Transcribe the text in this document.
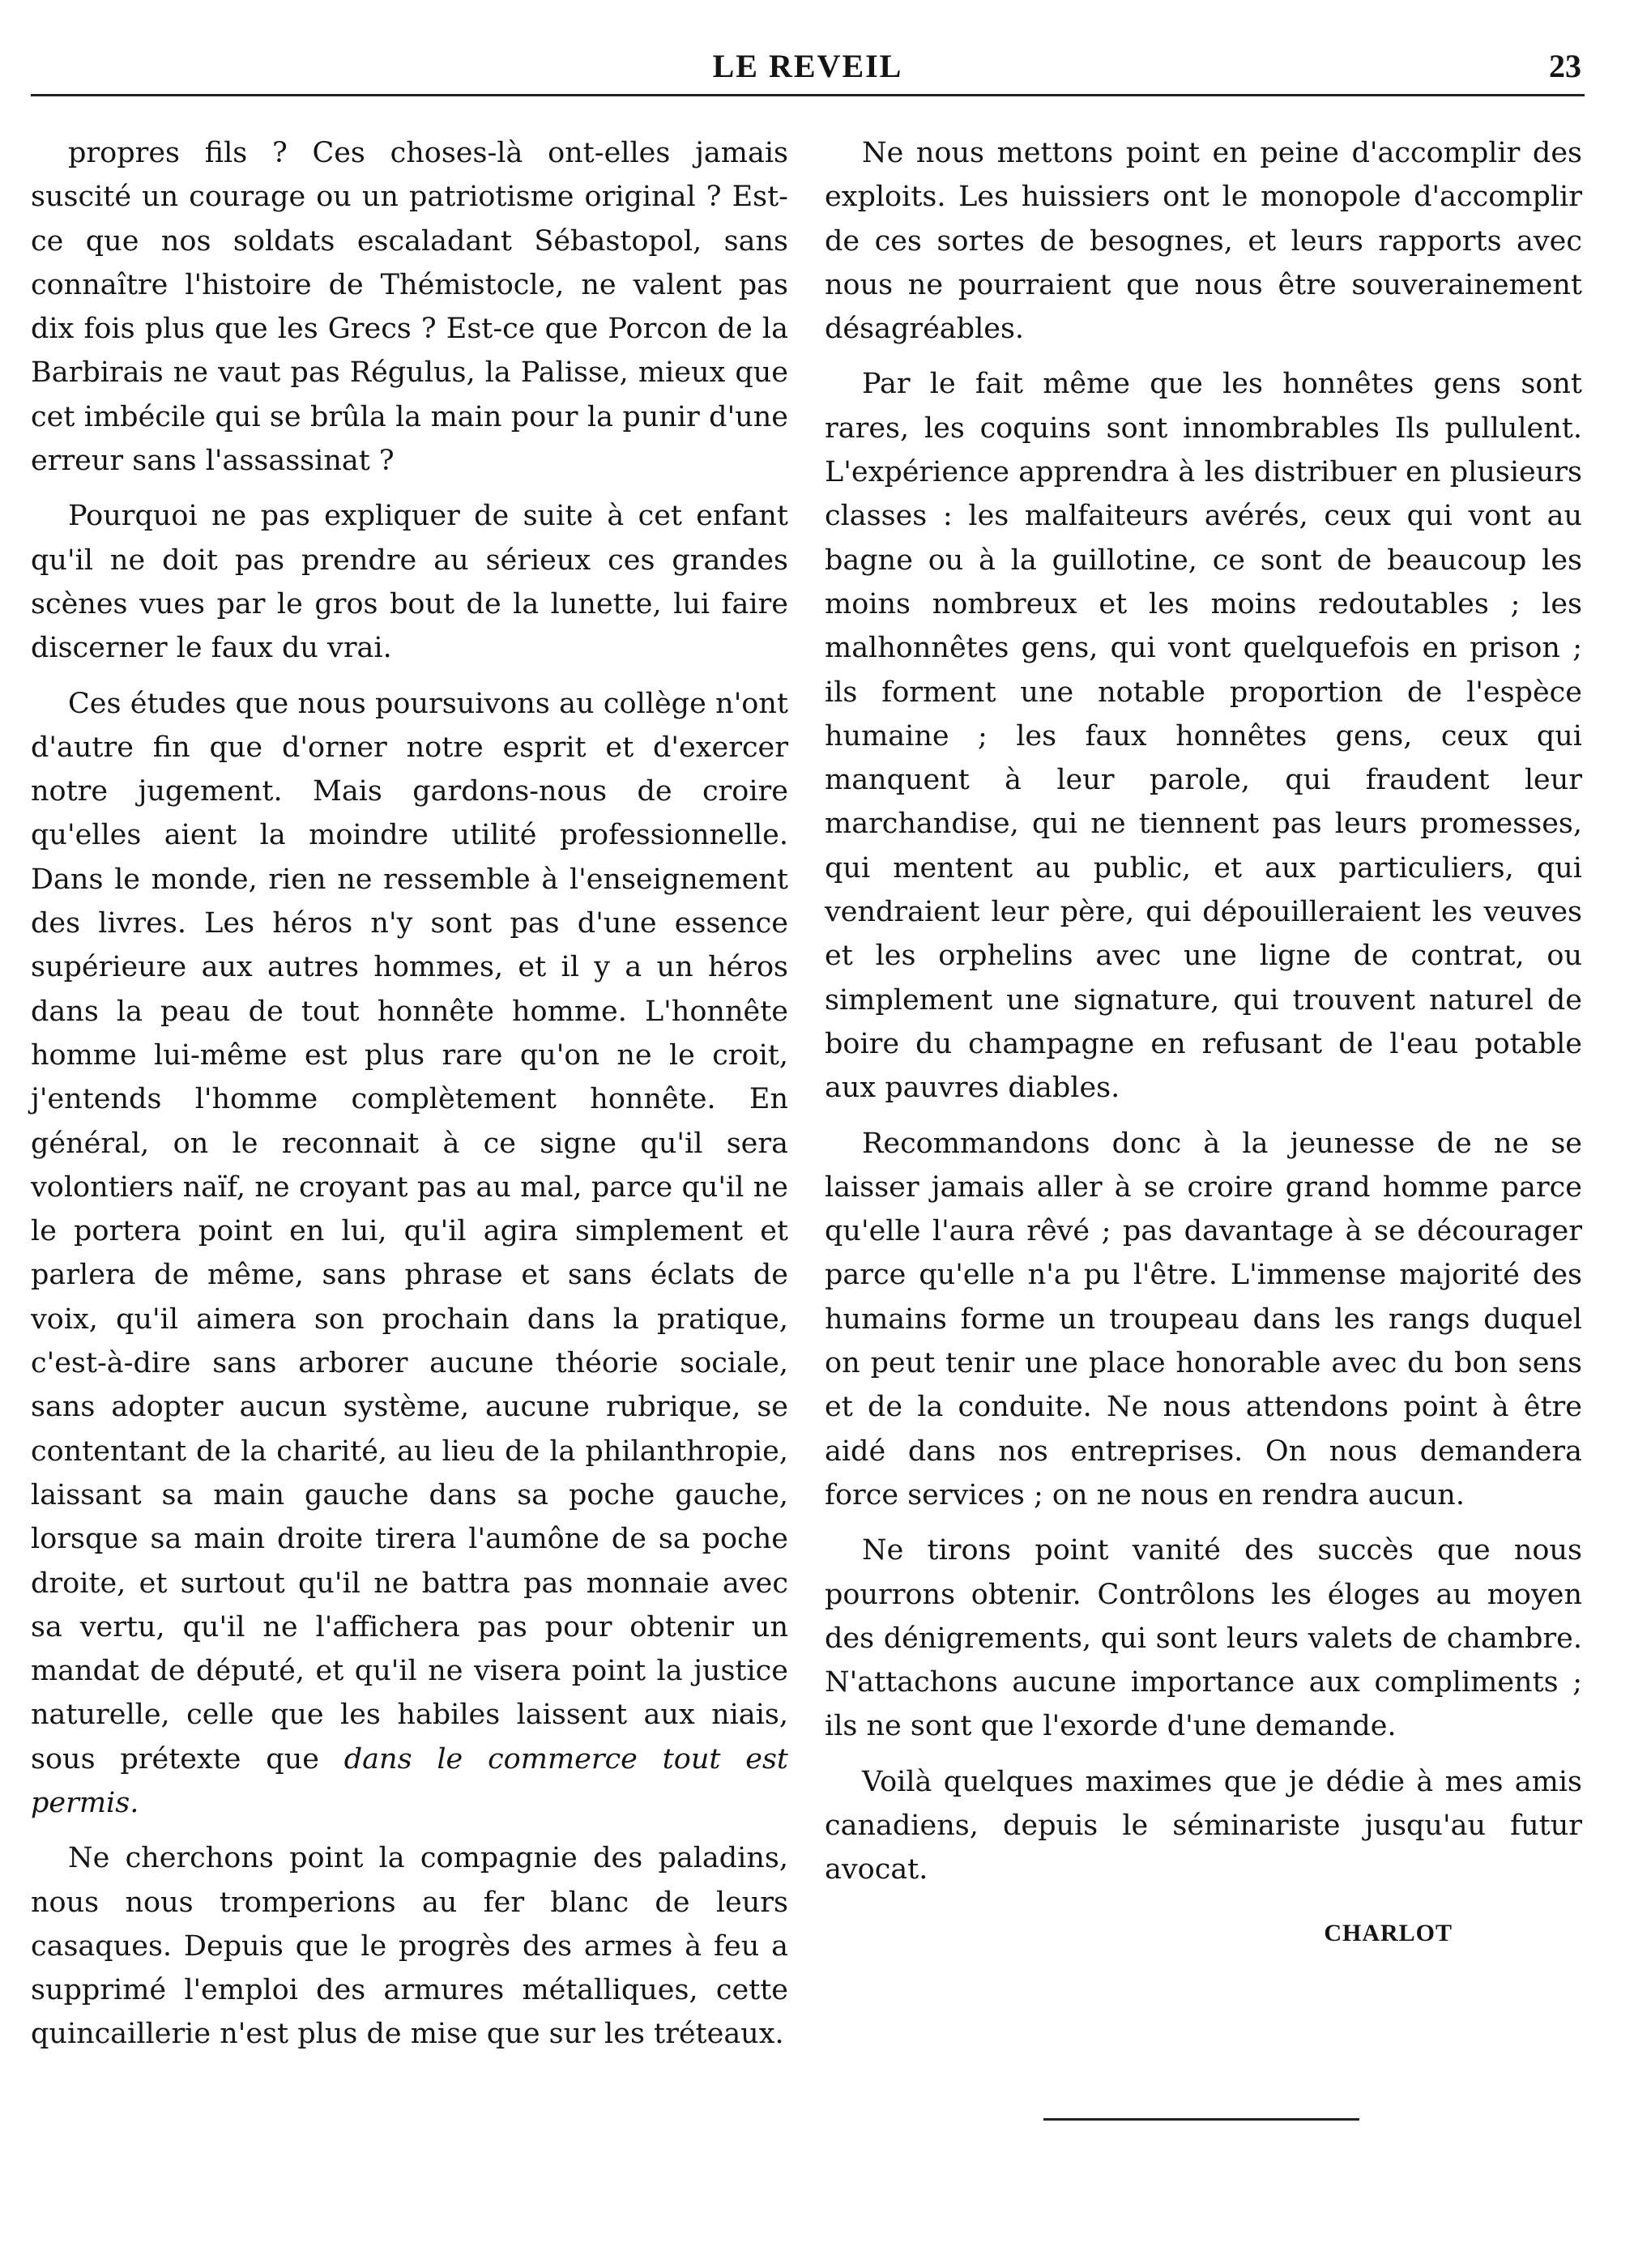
LE REVEIL	23

propres fils ? Ces choses-là ont-elles jamais suscité un courage ou un patriotisme original ? Est-ce que nos soldats escaladant Sébastopol, sans connaître l'histoire de Thémistocle, ne valent pas dix fois plus que les Grecs ? Est-ce que Porcon de la Barbirais ne vaut pas Régulus, la Palisse, mieux que cet imbécile qui se brûla la main pour la punir d'une erreur sans l'assassinat ?

Pourquoi ne pas expliquer de suite à cet enfant qu'il ne doit pas prendre au sérieux ces grandes scènes vues par le gros bout de la lunette, lui faire discerner le faux du vrai.

Ces études que nous poursuivons au collège n'ont d'autre fin que d'orner notre esprit et d'exercer notre jugement. Mais gardons-nous de croire qu'elles aient la moindre utilité professionnelle. Dans le monde, rien ne ressemble à l'enseignement des livres. Les héros n'y sont pas d'une essence supérieure aux autres hommes, et il y a un héros dans la peau de tout honnête homme. L'honnête homme lui-même est plus rare qu'on ne le croit, j'entends l'homme complètement honnête. En général, on le reconnait à ce signe qu'il sera volontiers naïf, ne croyant pas au mal, parce qu'il ne le portera point en lui, qu'il agira simplement et parlera de même, sans phrase et sans éclats de voix, qu'il aimera son prochain dans la pratique, c'est-à-dire sans arborer aucune théorie sociale, sans adopter aucun système, aucune rubrique, se contentant de la charité, au lieu de la philanthropie, laissant sa main gauche dans sa poche gauche, lorsque sa main droite tirera l'aumône de sa poche droite, et surtout qu'il ne battra pas monnaie avec sa vertu, qu'il ne l'affichera pas pour obtenir un mandat de député, et qu'il ne visera point la justice naturelle, celle que les habiles laissent aux niais, sous prétexte que dans le commerce tout est permis.

Ne cherchons point la compagnie des paladins, nous nous tromperions au fer blanc de leurs casaques. Depuis que le progrès des armes à feu a supprimé l'emploi des armures métalliques, cette quincaillerie n'est plus de mise que sur les tréteaux.

Ne nous mettons point en peine d'accomplir des exploits. Les huissiers ont le monopole d'accomplir de ces sortes de besognes, et leurs rapports avec nous ne pourraient que nous être souverainement désagréables.

Par le fait même que les honnêtes gens sont rares, les coquins sont innombrables Ils pullulent. L'expérience apprendra à les distribuer en plusieurs classes : les malfaiteurs avérés, ceux qui vont au bagne ou à la guillotine, ce sont de beaucoup les moins nombreux et les moins redoutables ; les malhonnêtes gens, qui vont quelquefois en prison ; ils forment une notable proportion de l'espèce humaine ; les faux honnêtes gens, ceux qui manquent à leur parole, qui fraudent leur marchandise, qui ne tiennent pas leurs promesses, qui mentent au public, et aux particuliers, qui vendraient leur père, qui dépouilleraient les veuves et les orphelins avec une ligne de contrat, ou simplement une signature, qui trouvent naturel de boire du champagne en refusant de l'eau potable aux pauvres diables.

Recommandons donc à la jeunesse de ne se laisser jamais aller à se croire grand homme parce qu'elle l'aura rêvé ; pas davantage à se décourager parce qu'elle n'a pu l'être. L'immense majorité des humains forme un troupeau dans les rangs duquel on peut tenir une place honorable avec du bon sens et de la conduite. Ne nous attendons point à être aidé dans nos entreprises. On nous demandera force services ; on ne nous en rendra aucun.

Ne tirons point vanité des succès que nous pourrons obtenir. Contrôlons les éloges au moyen des dénigrements, qui sont leurs valets de chambre. N'attachons aucune importance aux compliments ; ils ne sont que l'exorde d'une demande.

Voilà quelques maximes que je dédie à mes amis canadiens, depuis le séminariste jusqu'au futur avocat.

CHARLOT
